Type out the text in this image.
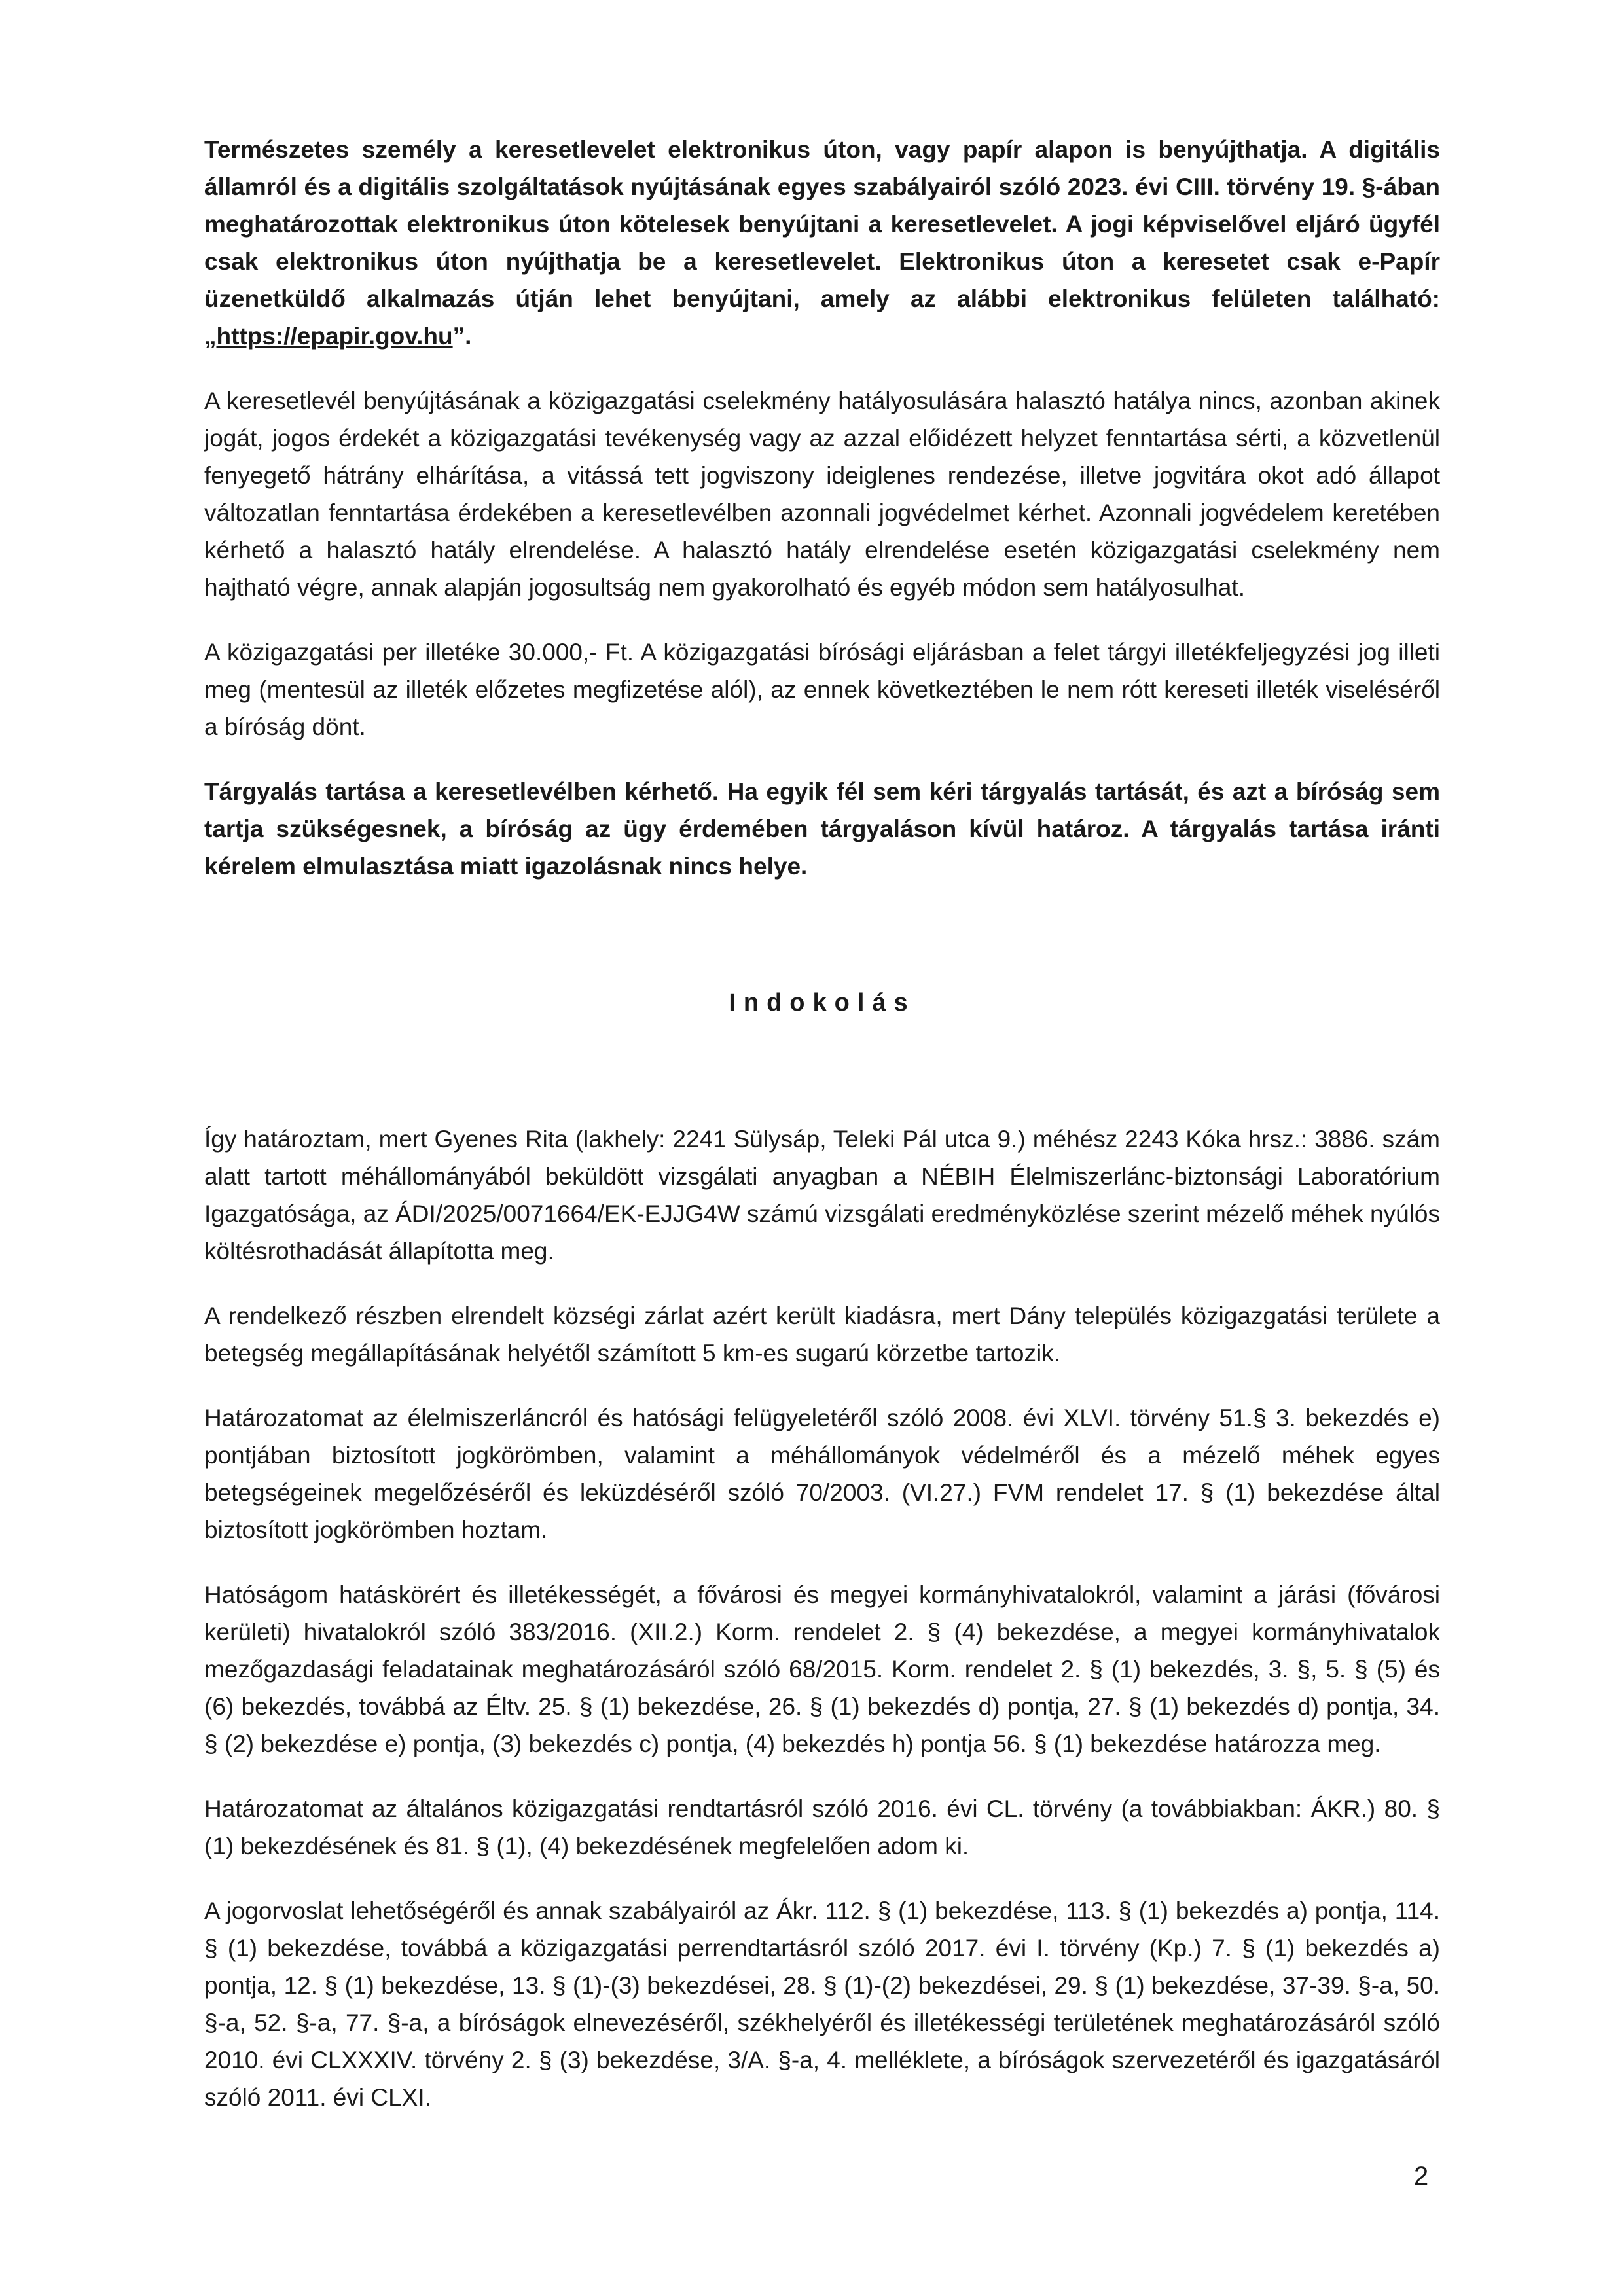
Természetes személy a keresetlevelet elektronikus úton, vagy papír alapon is benyújthatja. A digitális államról és a digitális szolgáltatások nyújtásának egyes szabályairól szóló 2023. évi CIII. törvény 19. §-ában meghatározottak elektronikus úton kötelesek benyújtani a keresetlevelet. A jogi képviselővel eljáró ügyfél csak elektronikus úton nyújthatja be a keresetlevelet. Elektronikus úton a keresetet csak e-Papír üzenetküldő alkalmazás útján lehet benyújtani, amely az alábbi elektronikus felületen található: „https://epapir.gov.hu”.

A keresetlevél benyújtásának a közigazgatási cselekmény hatályosulására halasztó hatálya nincs, azonban akinek jogát, jogos érdekét a közigazgatási tevékenység vagy az azzal előidézett helyzet fenntartása sérti, a közvetlenül fenyegető hátrány elhárítása, a vitássá tett jogviszony ideiglenes rendezése, illetve jogvitára okot adó állapot változatlan fenntartása érdekében a keresetlevélben azonnali jogvédelmet kérhet. Azonnali jogvédelem keretében kérhető a halasztó hatály elrendelése. A halasztó hatály elrendelése esetén közigazgatási cselekmény nem hajtható végre, annak alapján jogosultság nem gyakorolható és egyéb módon sem hatályosulhat.

A közigazgatási per illetéke 30.000,- Ft. A közigazgatási bírósági eljárásban a felet tárgyi illetékfeljegyzési jog illeti meg (mentesül az illeték előzetes megfizetése alól), az ennek következtében le nem rótt kereseti illeték viseléséről a bíróság dönt.

Tárgyalás tartása a keresetlevélben kérhető. Ha egyik fél sem kéri tárgyalás tartását, és azt a bíróság sem tartja szükségesnek, a bíróság az ügy érdemében tárgyaláson kívül határoz. A tárgyalás tartása iránti kérelem elmulasztása miatt igazolásnak nincs helye.

Indokolás

Így határoztam, mert Gyenes Rita (lakhely: 2241 Sülysáp, Teleki Pál utca 9.) méhész 2243 Kóka hrsz.: 3886. szám alatt tartott méhállományából beküldött vizsgálati anyagban a NÉBIH Élelmiszerlánc-biztonsági Laboratórium Igazgatósága, az ÁDI/2025/0071664/EK-EJJG4W számú vizsgálati eredményközlése szerint mézelő méhek nyúlós költésrothadását állapította meg.

A rendelkező részben elrendelt községi zárlat azért került kiadásra, mert Dány település közigazgatási területe a betegség megállapításának helyétől számított 5 km-es sugarú körzetbe tartozik.

Határozatomat az élelmiszerláncról és hatósági felügyeletéről szóló 2008. évi XLVI. törvény 51.§ 3. bekezdés e) pontjában biztosított jogkörömben, valamint a méhállományok védelméről és a mézelő méhek egyes betegségeinek megelőzéséről és leküzdéséről szóló 70/2003. (VI.27.) FVM rendelet 17. § (1) bekezdése által biztosított jogkörömben hoztam.

Hatóságom hatáskörért és illetékességét, a fővárosi és megyei kormányhivatalokról, valamint a járási (fővárosi kerületi) hivatalokról szóló 383/2016. (XII.2.) Korm. rendelet 2. § (4) bekezdése, a megyei kormányhivatalok mezőgazdasági feladatainak meghatározásáról szóló 68/2015. Korm. rendelet 2. § (1) bekezdés, 3. §, 5. § (5) és (6) bekezdés, továbbá az Éltv. 25. § (1) bekezdése, 26. § (1) bekezdés d) pontja, 27. § (1) bekezdés d) pontja, 34. § (2) bekezdése e) pontja, (3) bekezdés c) pontja, (4) bekezdés h) pontja 56. § (1) bekezdése határozza meg.

Határozatomat az általános közigazgatási rendtartásról szóló 2016. évi CL. törvény (a továbbiakban: ÁKR.) 80. § (1) bekezdésének és 81. § (1), (4) bekezdésének megfelelően adom ki.

A jogorvoslat lehetőségéről és annak szabályairól az Ákr. 112. § (1) bekezdése, 113. § (1) bekezdés a) pontja, 114. § (1) bekezdése, továbbá a közigazgatási perrendtartásról szóló 2017. évi I. törvény (Kp.) 7. § (1) bekezdés a) pontja, 12. § (1) bekezdése, 13. § (1)-(3) bekezdései, 28. § (1)-(2) bekezdései, 29. § (1) bekezdése, 37-39. §-a, 50. §-a, 52. §-a, 77. §-a, a bíróságok elnevezéséről, székhelyéről és illetékességi területének meghatározásáról szóló 2010. évi CLXXXIV. törvény 2. § (3) bekezdése, 3/A. §-a, 4. melléklete, a bíróságok szervezetéről és igazgatásáról szóló 2011. évi CLXI.

2
